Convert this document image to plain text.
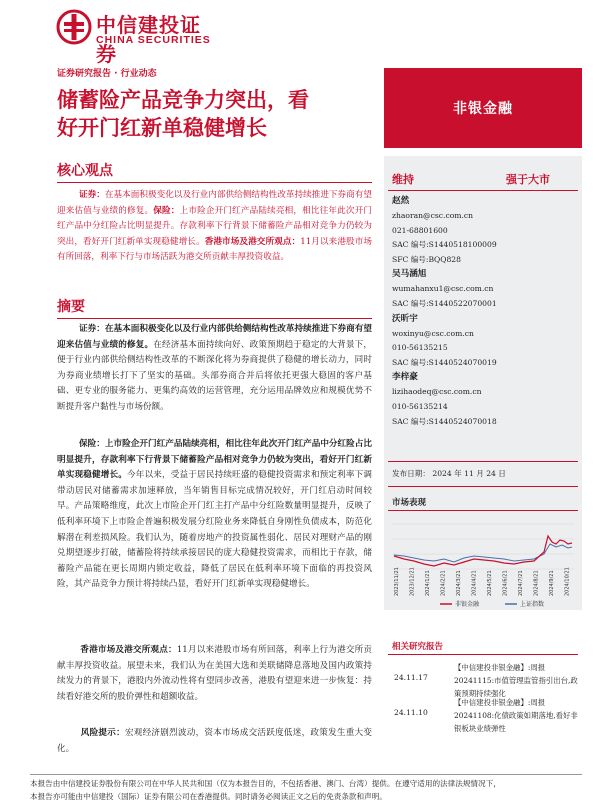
中信建投证券
CHINA SECURITIES
证券研究报告 · 行业动态
储蓄险产品竞争力突出，看
好开门红新单稳健增长
非银金融
核心观点
证券：在基本面积极变化以及行业内部供给侧结构性改革持续推进下券商有望迎来估值与业绩的修复。保险：上市险企开门红产品陆续亮相，相比往年此次开门红产品中分红险占比明显提升。存款利率下行背景下储蓄险产品相对竞争力仍较为突出，看好开门红新单实现稳健增长。香港市场及港交所观点：11月以来港股市场有所回落，利率下行与市场活跃为港交所贡献丰厚投资收益。
摘要
证券：在基本面积极变化以及行业内部供给侧结构性改革持续推进下券商有望迎来估值与业绩的修复。在经济基本面持续向好、政策预期趋于稳定的大背景下，便于行业内部供给侧结构性改革的不断深化将为券商提供了稳健的增长动力，同时为券商业绩增长打下了坚实的基础。头部券商合并后将依托更强大稳固的客户基础、更专业的服务能力、更集约高效的运营管理，充分运用品牌效应和规模优势不断提升客户黏性与市场份额。
保险：上市险企开门红产品陆续亮相，相比往年此次开门红产品中分红险占比明显提升，存款利率下行背景下储蓄险产品相对竞争力仍较为突出，看好开门红新单实现稳健增长。今年以来，受益于居民持续旺盛的稳健投资需求和预定利率下调带动居民对储蓄需求加速释放，当年销售目标完成情况较好，开门红启动时间较早。产品策略维度，此次上市险企开门红主打产品中分红险数量明显提升，反映了低利率环境下上市险企普遍积极发展分红险业务来降低自身刚性负债成本，防范化解潜在利差损风险。我们认为，随着房地产的投资属性弱化、居民对理财产品的刚兑期望逐步打破，储蓄险将持续承接居民的庞大稳健投资需求，而相比于存款，储蓄险产品能在更长周期内锁定收益，降低了居民在低利率环境下面临的再投资风险，其产品竞争力预计将持续凸显，看好开门红新单实现稳健增长。
香港市场及港交所观点：11月以来港股市场有所回落，利率上行为港交所贡献丰厚投资收益。展望未来，我们认为在美国大选和美联储降息落地及国内政策持续发力的背景下，港股内外流动性将有望同步改善，港股有望迎来进一步恢复：持续看好港交所的股价弹性和超额收益。
风险提示：宏观经济剧烈波动，资本市场成交活跃度低迷，政策发生重大变化。
维持	强于大市
赵然
zhaoran@csc.com.cn
021-68801600
SAC 编号:S1440518100009
SFC 编号:BQQ828
吴马涵旭
wumahanxu1@csc.com.cn
SAC 编号:S1440522070001
沃昕宇
woxinyu@csc.com.cn
010-56135215
SAC 编号:S1440524070019
李梓豪
lizihaodeq@csc.com.cn
010-56135214
SAC 编号:S1440524070018
发布日期： 2024 年 11 月 24 日
市场表现
2023/11/21 2023/12/21 2024/1/21 2024/2/21 2024/3/21 2024/4/21 2024/5/21 2024/6/21 2024/7/21 2024/8/21 2024/9/21 2024/10/21
非银金融	上证指数
相关研究报告
24.11.17
【中信建投非银金融】:周报20241115:市值管理监管指引出台,政策预期持续强化
24.11.10
【中信建投非银金融】:周报20241108:化债政策如期落地,看好非银板块业绩弹性
本报告由中信建投证券股份有限公司在中华人民共和国（仅为本报告目的，不包括香港、澳门、台湾）提供。在遵守适用的法律法规情况下，
本报告亦可能由中信建投（国际）证券有限公司在香港提供。同时请务必阅读正文之后的免责条款和声明。
